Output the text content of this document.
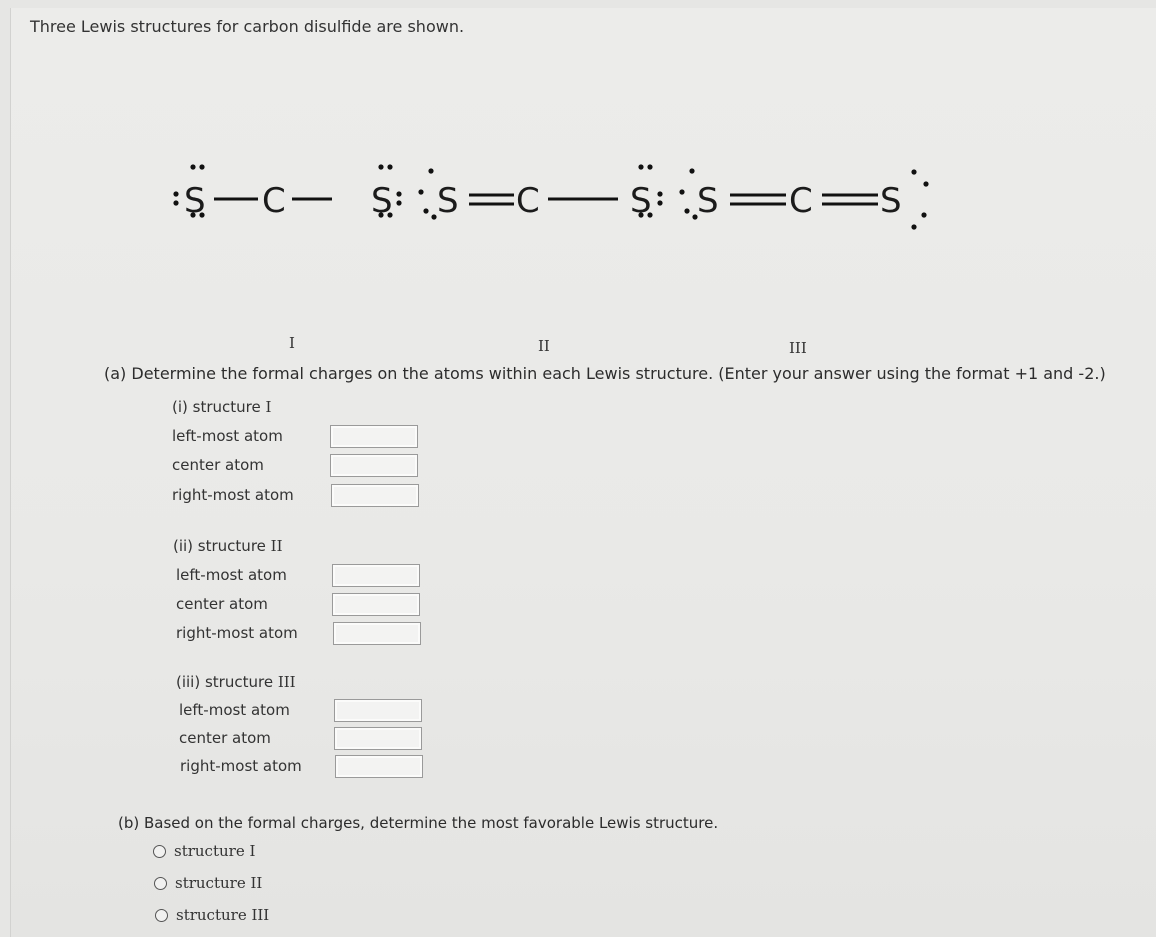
Three Lewis structures for carbon disulfide are shown.
S C	S S C	S S C S
I	II	III
(a) Determine the formal charges on the atoms within each Lewis structure. (Enter your answer using the format +1 and -2.)
(i) structure I
left-most atom
center atom
right-most atom
(ii) structure II
left-most atom
center atom
right-most atom
(iii) structure III
left-most atom
center atom
right-most atom
(b) Based on the formal charges, determine the most favorable Lewis structure.
structure I
structure II
structure III
